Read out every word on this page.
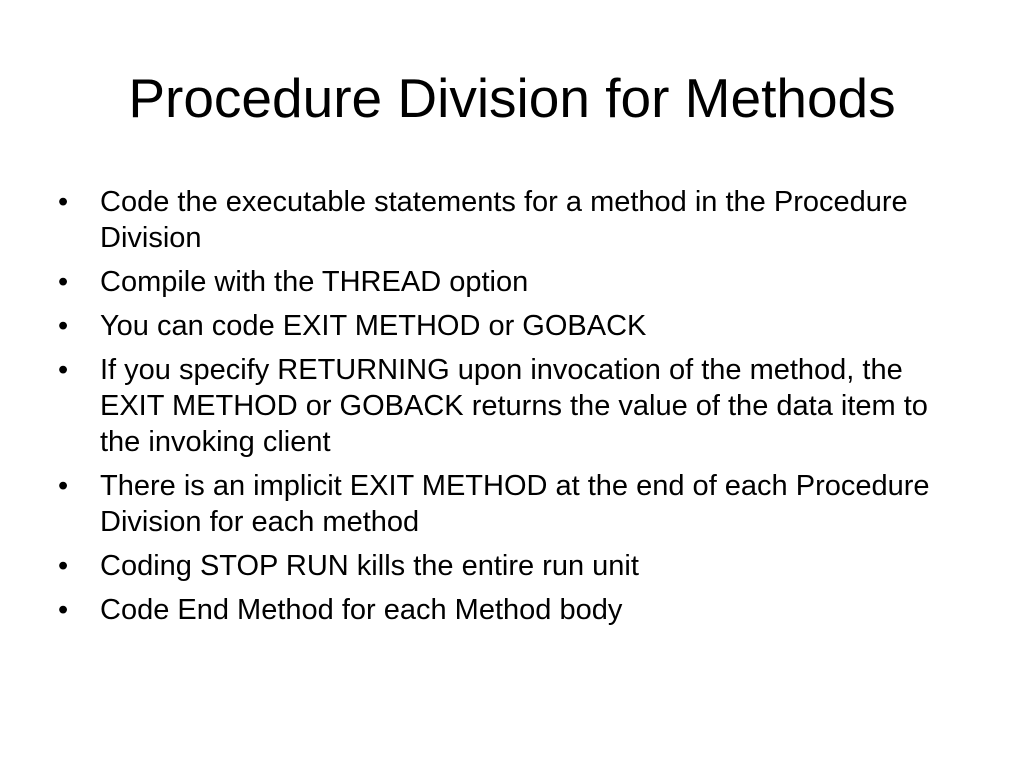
Procedure Division for Methods
• Code the executable statements for a method in the Procedure Division
• Compile with the THREAD option
• You can code EXIT METHOD or GOBACK
• If you specify RETURNING upon invocation of the method, the EXIT METHOD or GOBACK returns the value of the data item to the invoking client
• There is an implicit EXIT METHOD at the end of each Procedure Division for each method
• Coding STOP RUN kills the entire run unit
• Code End Method for each Method body
